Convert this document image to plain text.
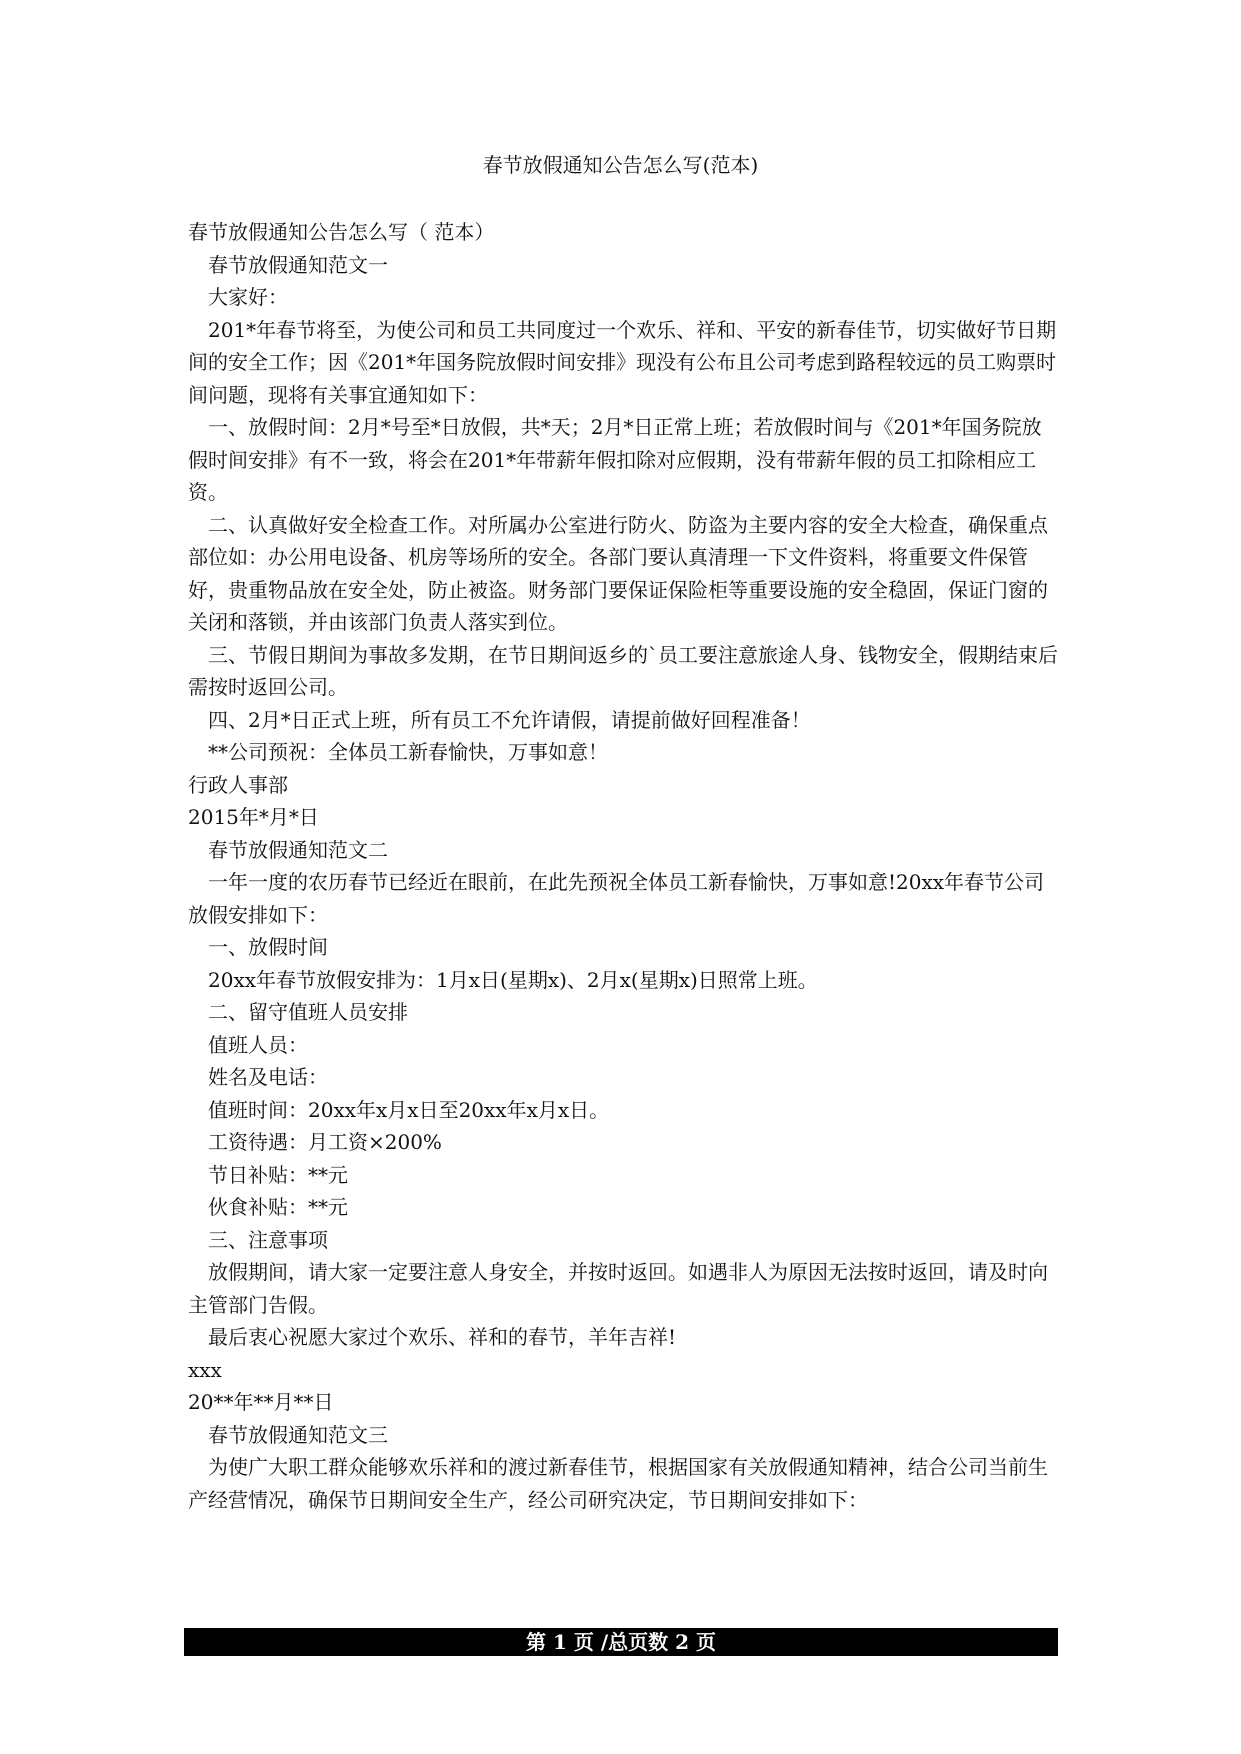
春节放假通知公告怎么写(范本)

春节放假通知公告怎么写（ 范本）

春节放假通知范文一

大家好：

201*年春节将至，为使公司和员工共同度过一个欢乐、祥和、平安的新春佳节，切实做好节日期间的安全工作；因《201*年国务院放假时间安排》现没有公布且公司考虑到路程较远的员工购票时间问题，现将有关事宜通知如下：

一、放假时间：2月*号至*日放假，共*天；2月*日正常上班；若放假时间与《201*年国务院放假时间安排》有不一致，将会在201*年带薪年假扣除对应假期，没有带薪年假的员工扣除相应工资。

二、认真做好安全检查工作。对所属办公室进行防火、防盗为主要内容的安全大检查，确保重点部位如：办公用电设备、机房等场所的安全。各部门要认真清理一下文件资料，将重要文件保管好，贵重物品放在安全处，防止被盗。财务部门要保证保险柜等重要设施的安全稳固，保证门窗的关闭和落锁，并由该部门负责人落实到位。

三、节假日期间为事故多发期，在节日期间返乡的`员工要注意旅途人身、钱物安全，假期结束后需按时返回公司。

四、2月*日正式上班，所有员工不允许请假，请提前做好回程准备！

**公司预祝：全体员工新春愉快，万事如意！

行政人事部

2015年*月*日

春节放假通知范文二

一年一度的农历春节已经近在眼前，在此先预祝全体员工新春愉快，万事如意!20xx年春节公司放假安排如下：

一、放假时间

20xx年春节放假安排为：1月x日(星期x)、2月x(星期x)日照常上班。

二、留守值班人员安排

值班人员：

姓名及电话：

值班时间：20xx年x月x日至20xx年x月x日。

工资待遇：月工资×200%

节日补贴：**元

伙食补贴：**元

三、注意事项

放假期间，请大家一定要注意人身安全，并按时返回。如遇非人为原因无法按时返回，请及时向主管部门告假。

最后衷心祝愿大家过个欢乐、祥和的春节，羊年吉祥!

xxx

20**年**月**日

春节放假通知范文三

为使广大职工群众能够欢乐祥和的渡过新春佳节，根据国家有关放假通知精神，结合公司当前生产经营情况，确保节日期间安全生产，经公司研究决定，节日期间安排如下：

第 1 页 /总页数 2 页
